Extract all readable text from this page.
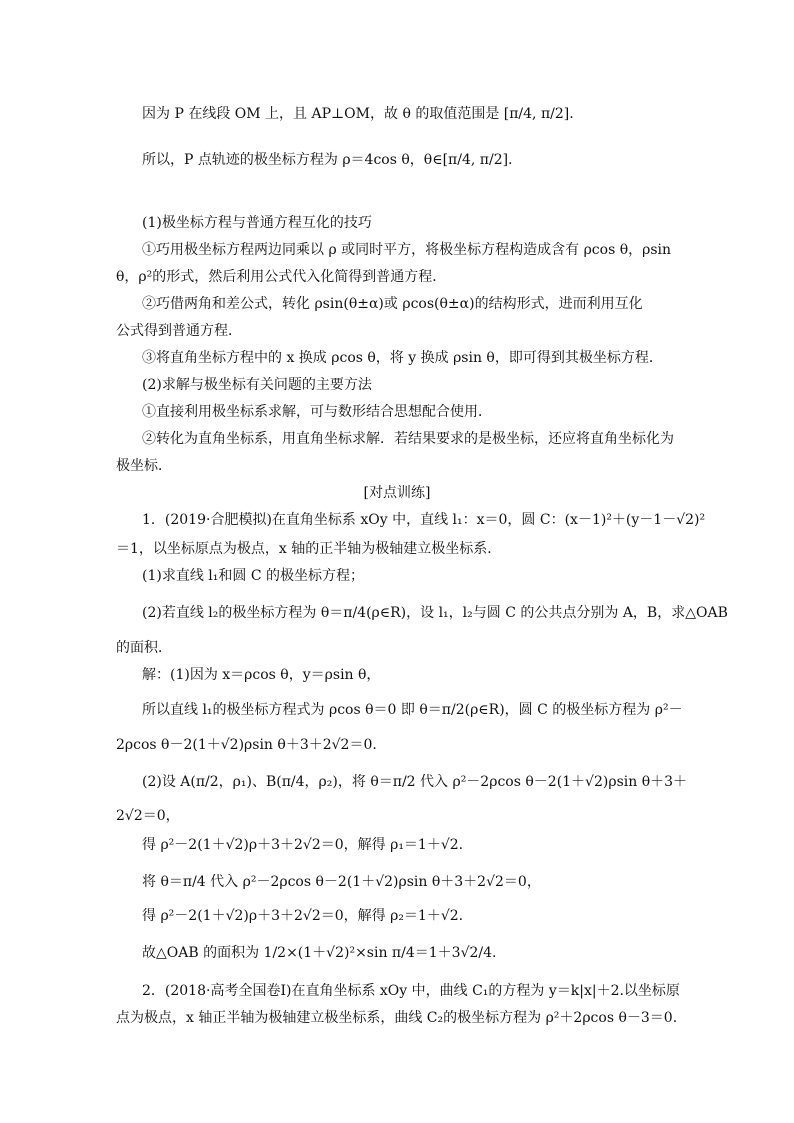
因为 P 在线段 OM 上，且 AP⊥OM，故 θ 的取值范围是 [π/4, π/2].
所以，P 点轨迹的极坐标方程为 ρ＝4cos θ，θ∈[π/4, π/2].
(1)极坐标方程与普通方程互化的技巧
①巧用极坐标方程两边同乘以 ρ 或同时平方，将极坐标方程构造成含有 ρcos θ，ρsin
θ，ρ²的形式，然后利用公式代入化简得到普通方程．
②巧借两角和差公式，转化 ρsin(θ±α)或 ρcos(θ±α)的结构形式，进而利用互化
公式得到普通方程．
③将直角坐标方程中的 x 换成 ρcos θ，将 y 换成 ρsin θ，即可得到其极坐标方程．
(2)求解与极坐标有关问题的主要方法
①直接利用极坐标系求解，可与数形结合思想配合使用．
②转化为直角坐标系，用直角坐标求解．若结果要求的是极坐标，还应将直角坐标化为
极坐标．
[对点训练]
1．(2019·合肥模拟)在直角坐标系 xOy 中，直线 l₁：x＝0，圆 C：(x－1)²＋(y－1－√2)²
＝1，以坐标原点为极点，x 轴的正半轴为极轴建立极坐标系．
(1)求直线 l₁和圆 C 的极坐标方程；
(2)若直线 l₂的极坐标方程为 θ＝π/4(ρ∈R)，设 l₁，l₂与圆 C 的公共点分别为 A，B，求△OAB
的面积．
解：(1)因为 x＝ρcos θ，y＝ρsin θ，
所以直线 l₁的极坐标方程式为 ρcos θ＝0 即 θ＝π/2(ρ∈R)，圆 C 的极坐标方程为 ρ²－
2ρcos θ－2(1＋√2)ρsin θ＋3＋2√2＝0.
(2)设 A(π/2，ρ₁)、B(π/4，ρ₂)，将 θ＝π/2 代入 ρ²－2ρcos θ－2(1＋√2)ρsin θ＋3＋
2√2＝0，
得 ρ²－2(1＋√2)ρ＋3＋2√2＝0，解得 ρ₁＝1＋√2.
将 θ＝π/4 代入 ρ²－2ρcos θ－2(1＋√2)ρsin θ＋3＋2√2＝0，
得 ρ²－2(1＋√2)ρ＋3＋2√2＝0，解得 ρ₂＝1＋√2.
故△OAB 的面积为 1/2×(1＋√2)²×sin π/4＝1＋3√2/4.
2．(2018·高考全国卷Ⅰ)在直角坐标系 xOy 中，曲线 C₁的方程为 y＝k|x|＋2.以坐标原
点为极点，x 轴正半轴为极轴建立极坐标系，曲线 C₂的极坐标方程为 ρ²＋2ρcos θ－3＝0.
